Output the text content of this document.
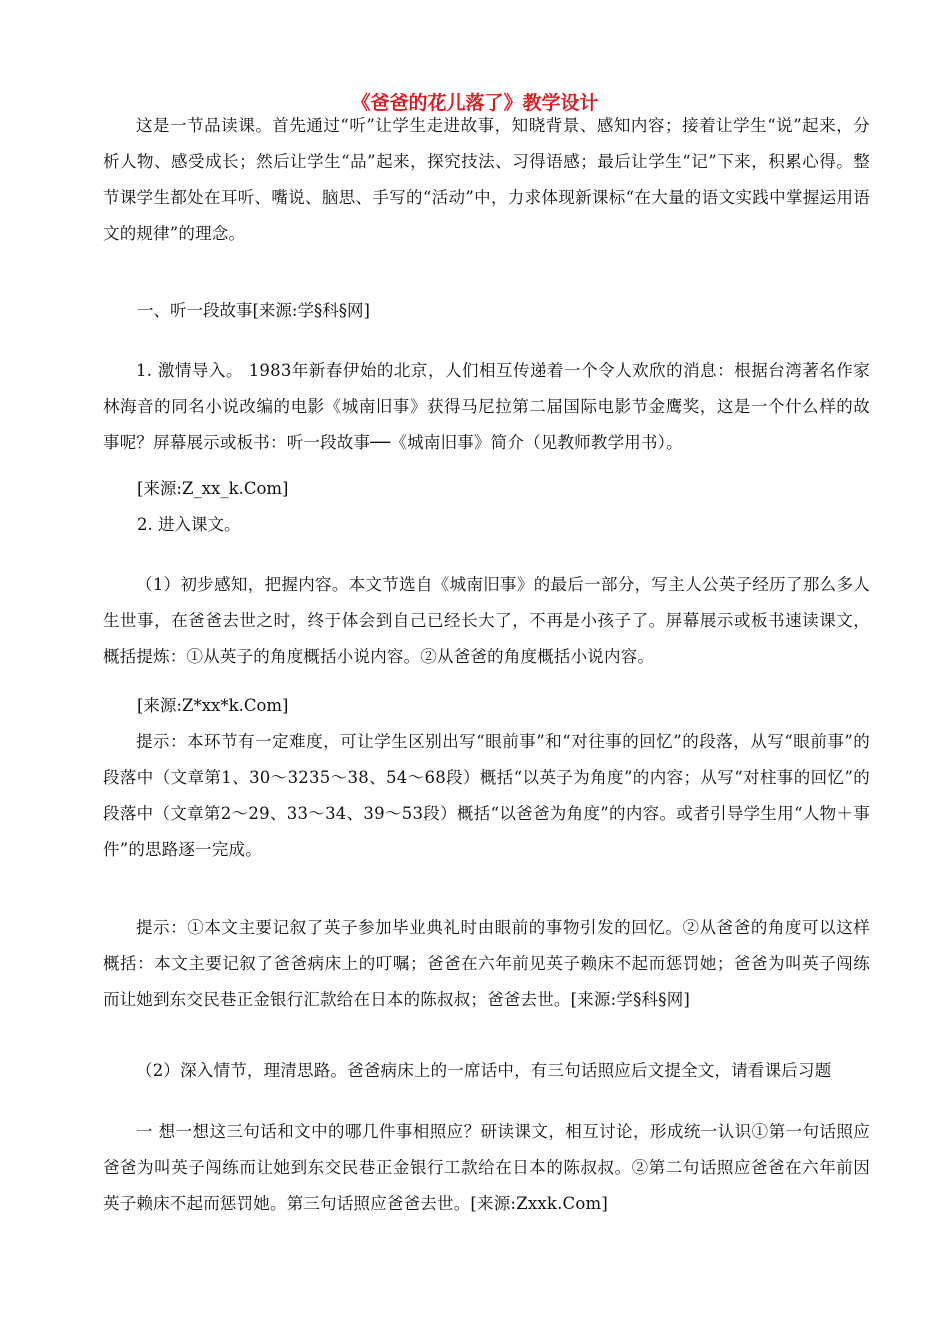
《爸爸的花儿落了》教学设计

这是一节品读课。首先通过“听”让学生走进故事，知晓背景、感知内容；接着让学生“说”起来，分析人物、感受成长；然后让学生“品”起来，探究技法、习得语感；最后让学生“记”下来，积累心得。整节课学生都处在耳听、嘴说、脑思、手写的“活动”中，力求体现新课标“在大量的语文实践中掌握运用语文的规律”的理念。

一、听一段故事[来源:学§科§网]

1. 激情导入。 1983年新春伊始的北京，人们相互传递着一个令人欢欣的消息：根据台湾著名作家林海音的同名小说改编的电影《城南旧事》获得马尼拉第二届国际电影节金鹰奖，这是一个什么样的故事呢？屏幕展示或板书：听一段故事──《城南旧事》简介（见教师教学用书）。

[来源:Z_xx_k.Com]

2. 进入课文。

（1）初步感知，把握内容。本文节选自《城南旧事》的最后一部分，写主人公英子经历了那么多人生世事，在爸爸去世之时，终于体会到自己已经长大了，不再是小孩子了。屏幕展示或板书速读课文，概括提炼：①从英子的角度概括小说内容。②从爸爸的角度概括小说内容。

[来源:Z*xx*k.Com]

提示：本环节有一定难度，可让学生区别出写“眼前事”和“对往事的回忆”的段落，从写“眼前事”的段落中（文章第1、30～3235～38、54～68段）概括“以英子为角度”的内容；从写“对柱事的回忆”的段落中（文章第2～29、33～34、39～53段）概括“以爸爸为角度”的内容。或者引导学生用“人物＋事件”的思路逐一完成。

提示：①本文主要记叙了英子参加毕业典礼时由眼前的事物引发的回忆。②从爸爸的角度可以这样概括：本文主要记叙了爸爸病床上的叮嘱；爸爸在六年前见英子赖床不起而惩罚她；爸爸为叫英子闯练而让她到东交民巷正金银行汇款给在日本的陈叔叔；爸爸去世。[来源:学§科§网]

（2）深入情节，理清思路。爸爸病床上的一席话中，有三句话照应后文提全文，请看课后习题

一 想一想这三句话和文中的哪几件事相照应？研读课文，相互讨论，形成统一认识①第一句话照应爸爸为叫英子闯练而让她到东交民巷正金银行工款给在日本的陈叔叔。②第二句话照应爸爸在六年前因英子赖床不起而惩罚她。第三句话照应爸爸去世。[来源:Zxxk.Com]
